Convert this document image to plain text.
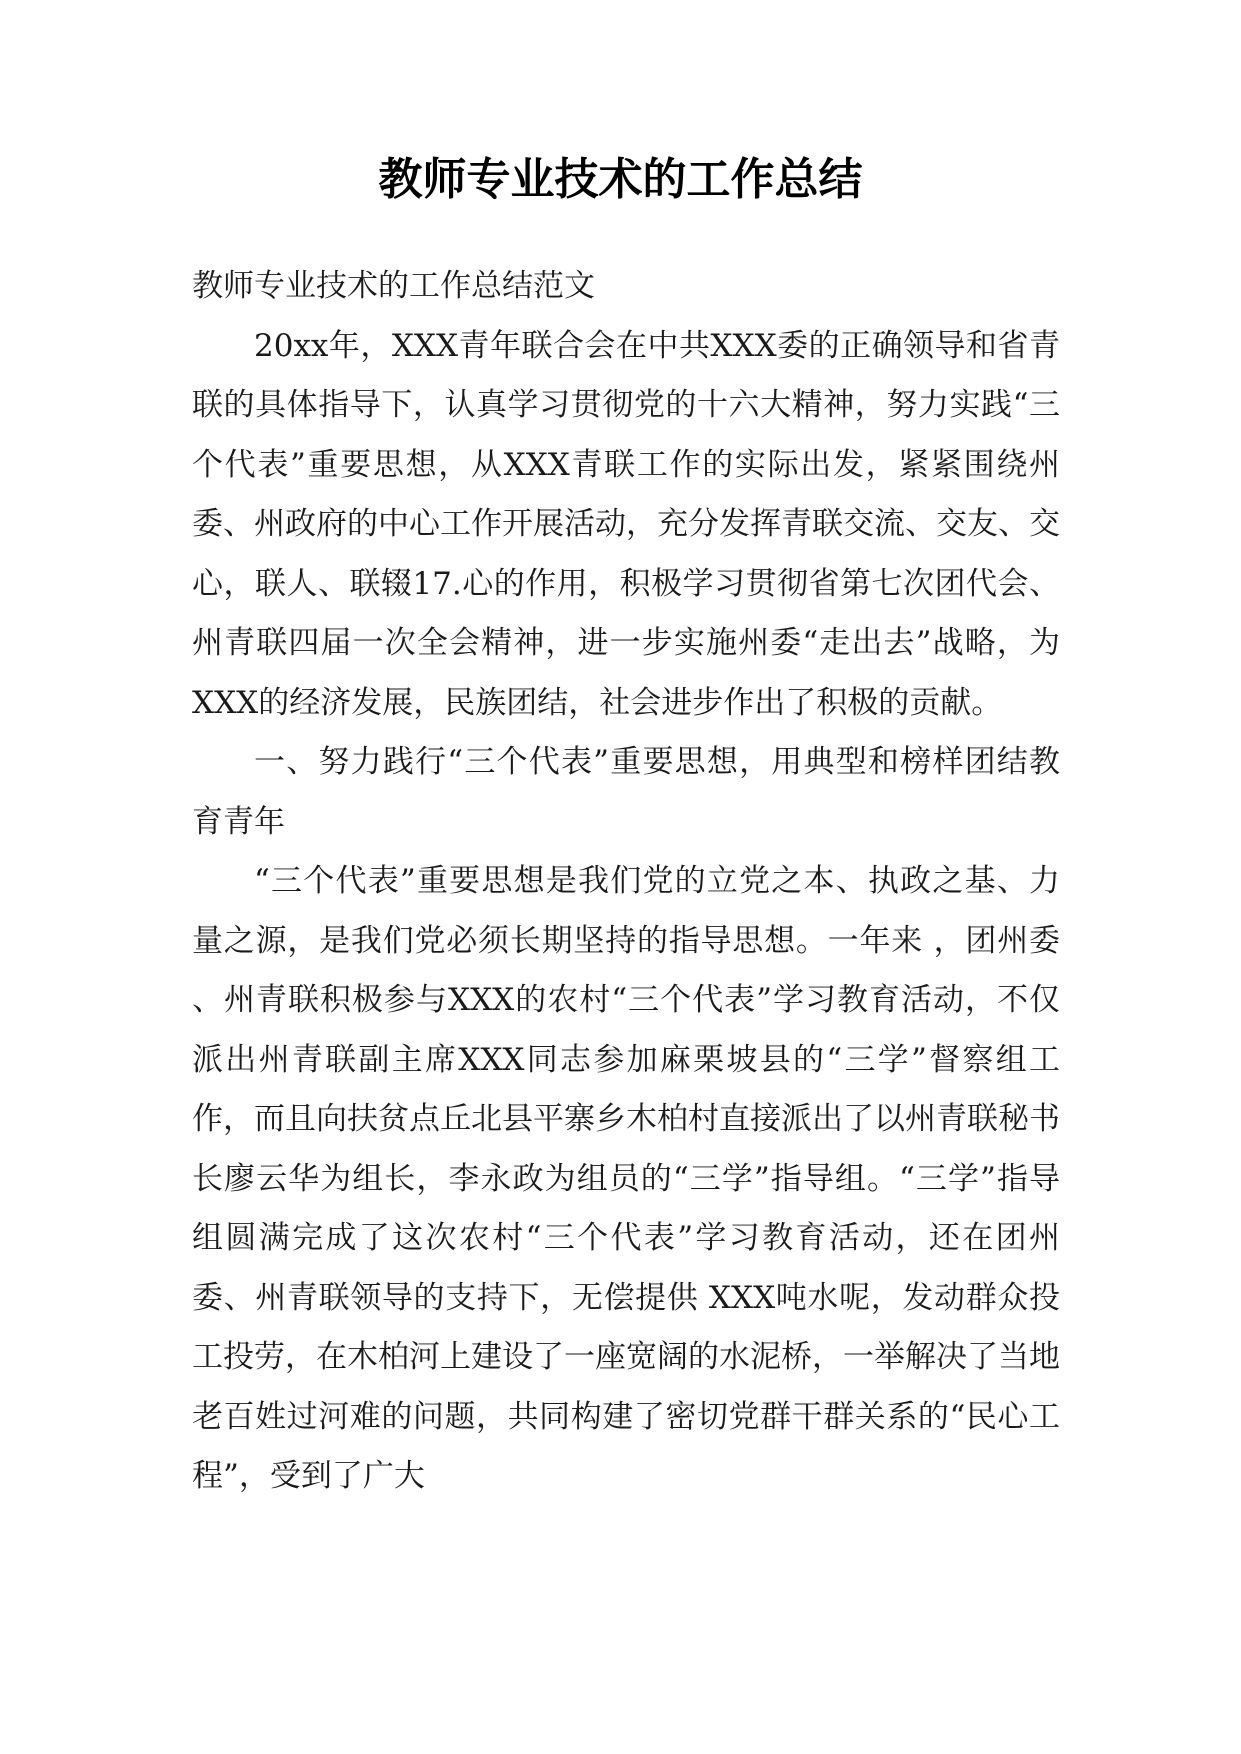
教师专业技术的工作总结

教师专业技术的工作总结范文

20xx年，XXX青年联合会在中共XXX委的正确领导和省青联的具体指导下，认真学习贯彻党的十六大精神，努力实践“三个代表”重要思想，从XXX青联工作的实际出发，紧紧围绕州委、州政府的中心工作开展活动，充分发挥青联交流、交友、交心，联人、联辍17.心的作用，积极学习贯彻省第七次团代会、州青联四届一次全会精神，进一步实施州委“走出去”战略，为XXX的经济发展，民族团结，社会进步作出了积极的贡献。

一、努力践行“三个代表”重要思想，用典型和榜样团结教育青年

“三个代表”重要思想是我们党的立党之本、执政之基、力量之源，是我们党必须长期坚持的指导思想。一年来 ，团州委 、州青联积极参与XXX的农村“三个代表”学习教育活动，不仅派出州青联副主席XXX同志参加麻栗坡县的“三学”督察组工作，而且向扶贫点丘北县平寨乡木柏村直接派出了以州青联秘书长廖云华为组长，李永政为组员的“三学”指导组。“三学”指导组圆满完成了这次农村“三个代表”学习教育活动，还在团州委、州青联领导的支持下，无偿提供 XXX吨水呢，发动群众投工投劳，在木柏河上建设了一座宽阔的水泥桥，一举解决了当地老百姓过河难的问题，共同构建了密切党群干群关系的“民心工程”，受到了广大
